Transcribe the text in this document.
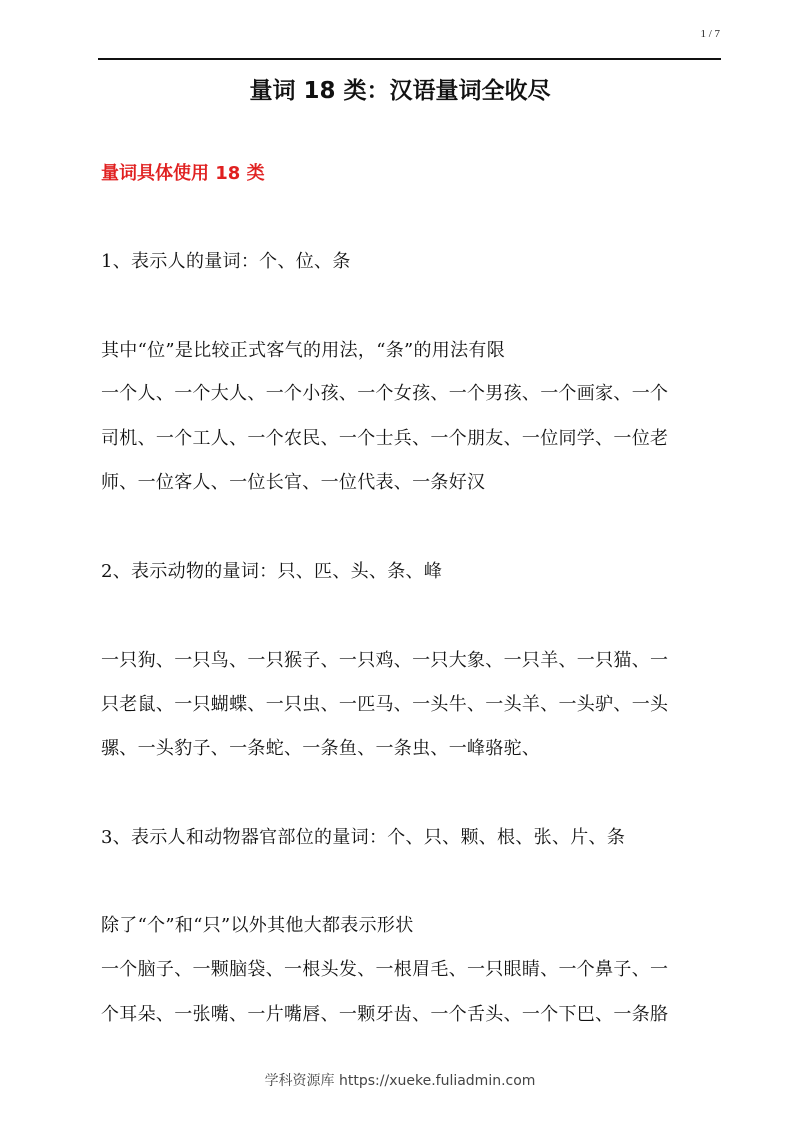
1 / 7
量词 18 类：汉语量词全收尽
量词具体使用 18 类
1、表示人的量词：个、位、条
其中“位”是比较正式客气的用法，“条”的用法有限
一个人、一个大人、一个小孩、一个女孩、一个男孩、一个画家、一个
司机、一个工人、一个农民、一个士兵、一个朋友、一位同学、一位老
师、一位客人、一位长官、一位代表、一条好汉
2、表示动物的量词：只、匹、头、条、峰
一只狗、一只鸟、一只猴子、一只鸡、一只大象、一只羊、一只猫、一
只老鼠、一只蝴蝶、一只虫、一匹马、一头牛、一头羊、一头驴、一头
骡、一头豹子、一条蛇、一条鱼、一条虫、一峰骆驼、
3、表示人和动物器官部位的量词：个、只、颗、根、张、片、条
除了“个”和“只”以外其他大都表示形状
一个脑子、一颗脑袋、一根头发、一根眉毛、一只眼睛、一个鼻子、一
个耳朵、一张嘴、一片嘴唇、一颗牙齿、一个舌头、一个下巴、一条胳
学科资源库 https://xueke.fuliadmin.com
